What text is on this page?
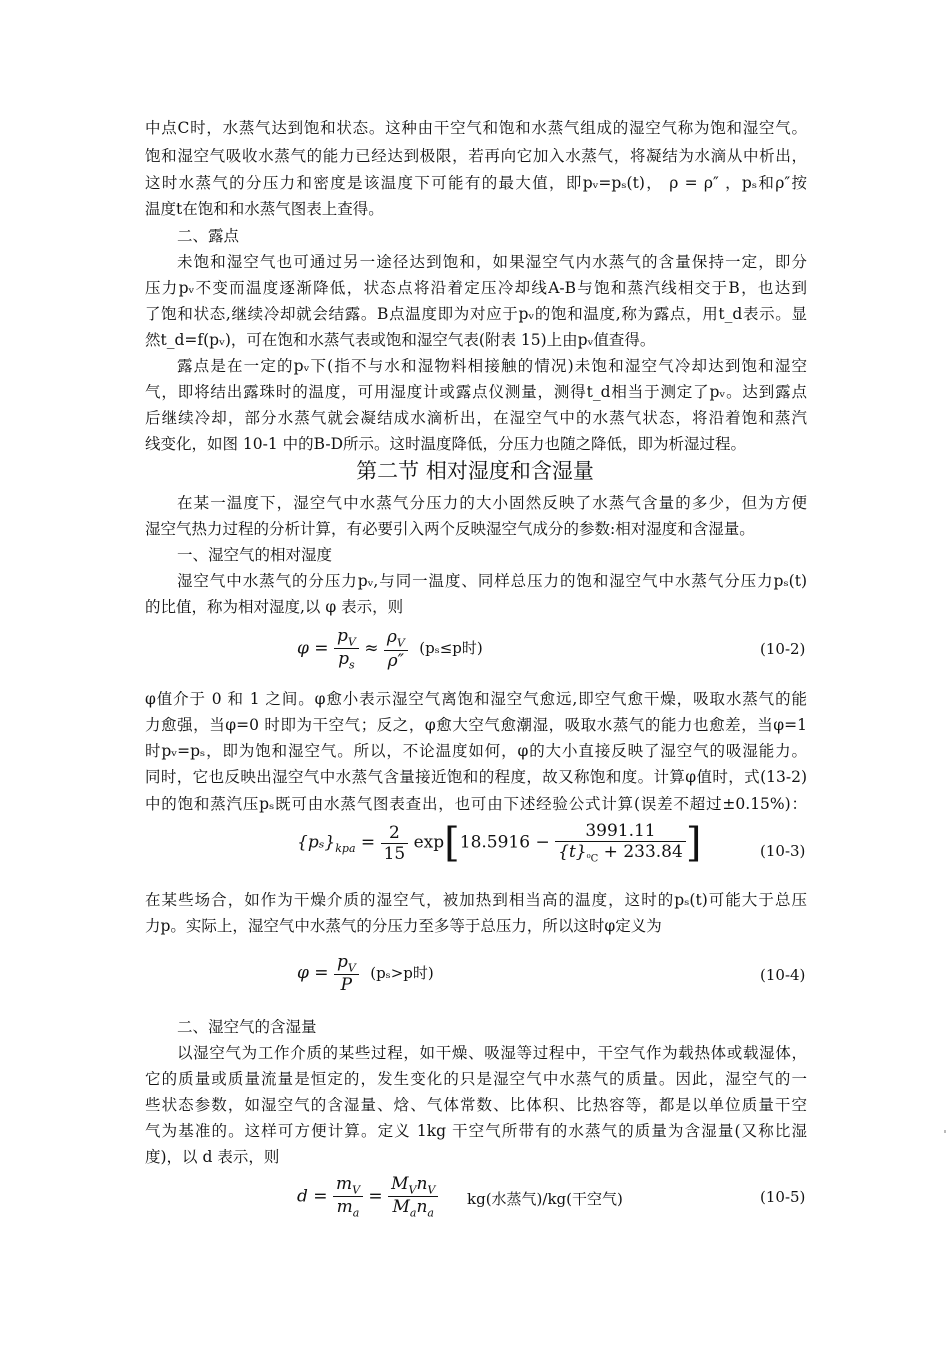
中点C时，水蒸气达到饱和状态。这种由干空气和饱和水蒸气组成的湿空气称为饱和湿空气。
饱和湿空气吸收水蒸气的能力已经达到极限，若再向它加入水蒸气，将凝结为水滴从中析出，
这时水蒸气的分压力和密度是该温度下可能有的最大值，即pᵥ=pₛ(t)， ρ = ρ″ ，pₛ和ρ″按
温度t在饱和和水蒸气图表上查得。
二、露点
未饱和湿空气也可通过另一途径达到饱和，如果湿空气内水蒸气的含量保持一定，即分
压力pᵥ不变而温度逐渐降低，状态点将沿着定压冷却线A-B与饱和蒸汽线相交于B，也达到
了饱和状态,继续冷却就会结露。B点温度即为对应于pᵥ的饱和温度,称为露点，用t_d表示。显
然t_d=f(pᵥ)，可在饱和水蒸气表或饱和湿空气表(附表 15)上由pᵥ值查得。
露点是在一定的pᵥ下(指不与水和湿物料相接触的情况)未饱和湿空气冷却达到饱和湿空
气，即将结出露珠时的温度，可用湿度计或露点仪测量，测得t_d相当于测定了pᵥ。达到露点
后继续冷却，部分水蒸气就会凝结成水滴析出，在湿空气中的水蒸气状态，将沿着饱和蒸汽
线变化，如图 10-1 中的B-D所示。这时温度降低，分压力也随之降低，即为析湿过程。
第二节 相对湿度和含湿量
在某一温度下，湿空气中水蒸气分压力的大小固然反映了水蒸气含量的多少，但为方便
湿空气热力过程的分析计算，有必要引入两个反映湿空气成分的参数:相对湿度和含湿量。
一、湿空气的相对湿度
湿空气中水蒸气的分压力pᵥ,与同一温度、同样总压力的饱和湿空气中水蒸气分压力pₛ(t)
的比值，称为相对湿度,以 φ 表示，则
$\varphi = \frac{p_V}{p_s} \approx \frac{\rho_V}{\rho''} (p_s\le p$时)	(10-2)
φ值介于 0 和 1 之间。φ愈小表示湿空气离饱和湿空气愈远,即空气愈干燥，吸取水蒸气的能
力愈强，当φ=0 时即为干空气；反之，φ愈大空气愈潮湿，吸取水蒸气的能力也愈差，当φ=1
时pᵥ=pₛ，即为饱和湿空气。所以，不论温度如何，φ的大小直接反映了湿空气的吸湿能力。
同时，它也反映出湿空气中水蒸气含量接近饱和的程度，故又称饱和度。计算φ值时，式(13-2)
中的饱和蒸汽压pₛ既可由水蒸气图表查出，也可由下述经验公式计算(误差不超过±0.15%)：
$\{p_s\}_{kpa} = \frac{2}{15} \exp[18.5916 - \frac{3991.11}{\{t\}_{^0C} + 233.84}$ ]	(10-3)
在某些场合，如作为干燥介质的湿空气，被加热到相当高的温度，这时的pₛ(t)可能大于总压
力p。实际上，湿空气中水蒸气的分压力至多等于总压力，所以这时φ定义为
$\varphi = \frac{p_V}{P} (p_s>p$时)	(10-4)
二、湿空气的含湿量
以湿空气为工作介质的某些过程，如干燥、吸湿等过程中，干空气作为载热体或载湿体，
它的质量或质量流量是恒定的，发生变化的只是湿空气中水蒸气的质量。因此，湿空气的一
些状态参数，如湿空气的含湿量、焓、气体常数、比体积、比热容等，都是以单位质量干空
气为基准的。这样可方便计算。定义 1kg 干空气所带有的水蒸气的质量为含湿量(又称比湿
度)，以 d 表示，则
$d = \frac{m_V}{m_a} = \frac{M_Vn_V}{M_an_a} kg$(水蒸气)/kg(干空气)	(10-5)
